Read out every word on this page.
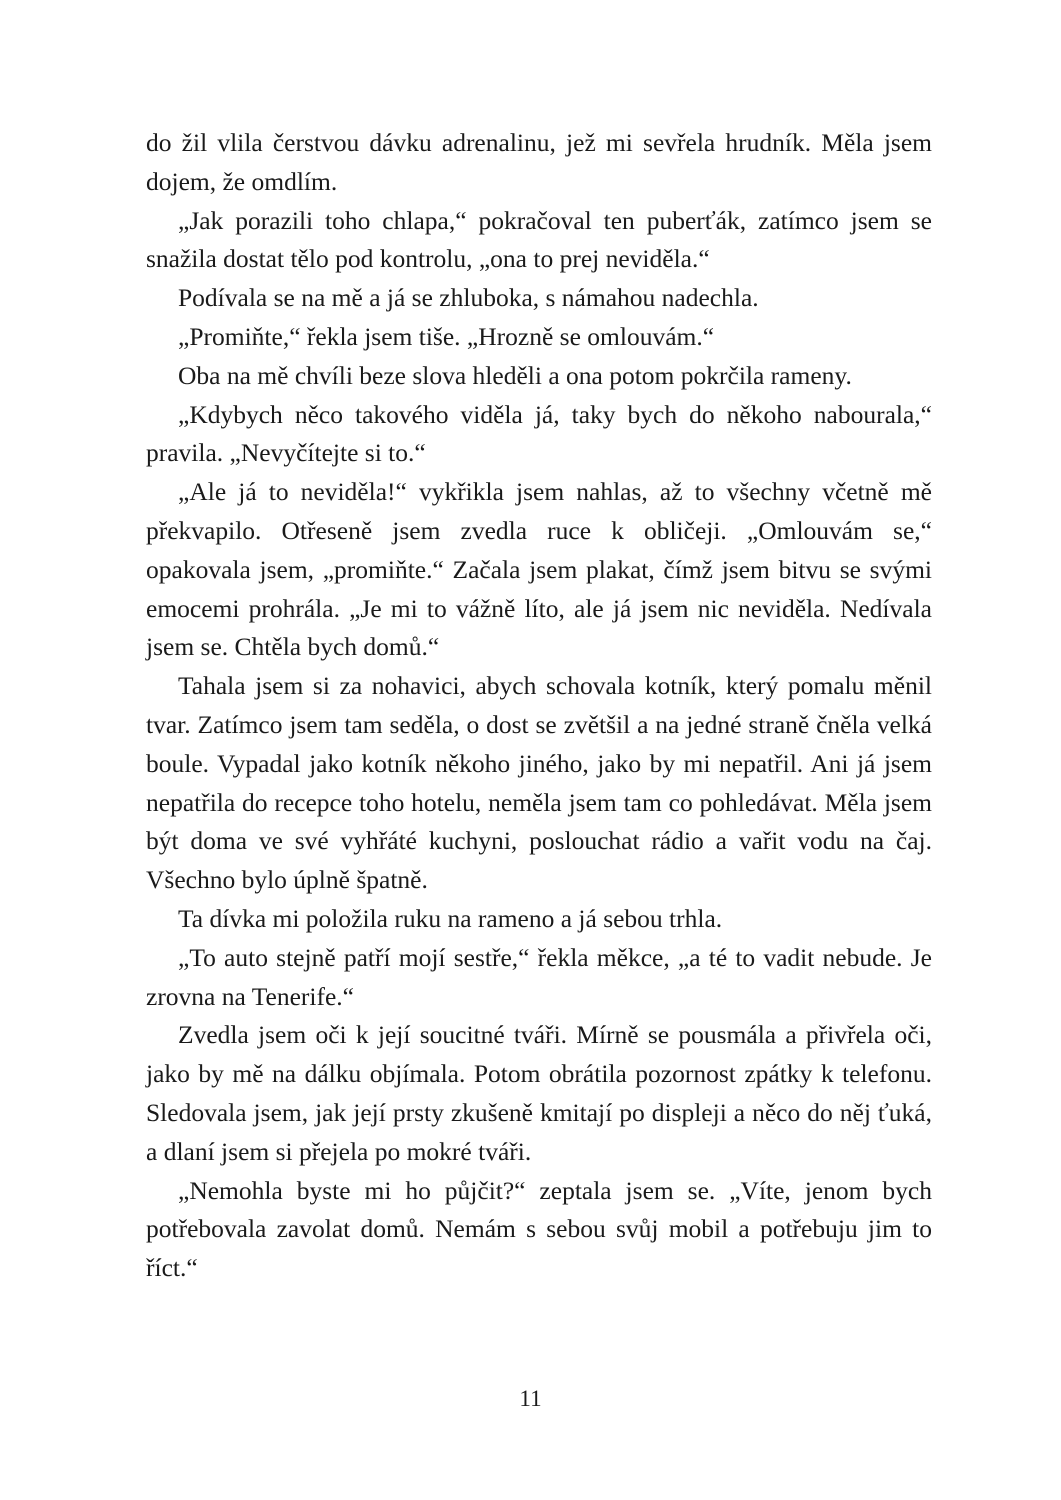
do žil vlila čerstvou dávku adrenalinu, jež mi sevřela hrudník. Měla jsem dojem, že omdlím.

„Jak porazili toho chlapa,“ pokračoval ten puberťák, zatímco jsem se snažila dostat tělo pod kontrolu, „ona to prej neviděla.“

Podívala se na mě a já se zhluboka, s námahou nadechla.

„Promiňte,“ řekla jsem tiše. „Hrozně se omlouvám.“

Oba na mě chvíli beze slova hleděli a ona potom pokrčila rameny.

„Kdybych něco takového viděla já, taky bych do někoho nabourala,“ pravila. „Nevyčítejte si to.“

„Ale já to neviděla!“ vykřikla jsem nahlas, až to všechny včetně mě překvapilo. Otřeseně jsem zvedla ruce k obličeji. „Omlouvám se,“ opakovala jsem, „promiňte.“ Začala jsem plakat, čímž jsem bitvu se svými emocemi prohrála. „Je mi to vážně líto, ale já jsem nic neviděla. Nedívala jsem se. Chtěla bych domů.“

Tahala jsem si za nohavici, abych schovala kotník, který pomalu měnil tvar. Zatímco jsem tam seděla, o dost se zvětšil a na jedné straně čněla velká boule. Vypadal jako kotník někoho jiného, jako by mi nepatřil. Ani já jsem nepatřila do recepce toho hotelu, neměla jsem tam co pohledávat. Měla jsem být doma ve své vyhřáté kuchyni, poslouchat rádio a vařit vodu na čaj. Všechno bylo úplně špatně.

Ta dívka mi položila ruku na rameno a já sebou trhla.

„To auto stejně patří mojí sestře,“ řekla měkce, „a té to vadit nebude. Je zrovna na Tenerife.“

Zvedla jsem oči k její soucitné tváři. Mírně se pousmála a přivřela oči, jako by mě na dálku objímala. Potom obrátila pozornost zpátky k telefonu. Sledovala jsem, jak její prsty zkušeně kmitají po displeji a něco do něj ťuká, a dlaní jsem si přejela po mokré tváři.

„Nemohla byste mi ho půjčit?“ zeptala jsem se. „Víte, jenom bych potřebovala zavolat domů. Nemám s sebou svůj mobil a potřebuju jim to říct.“

11
